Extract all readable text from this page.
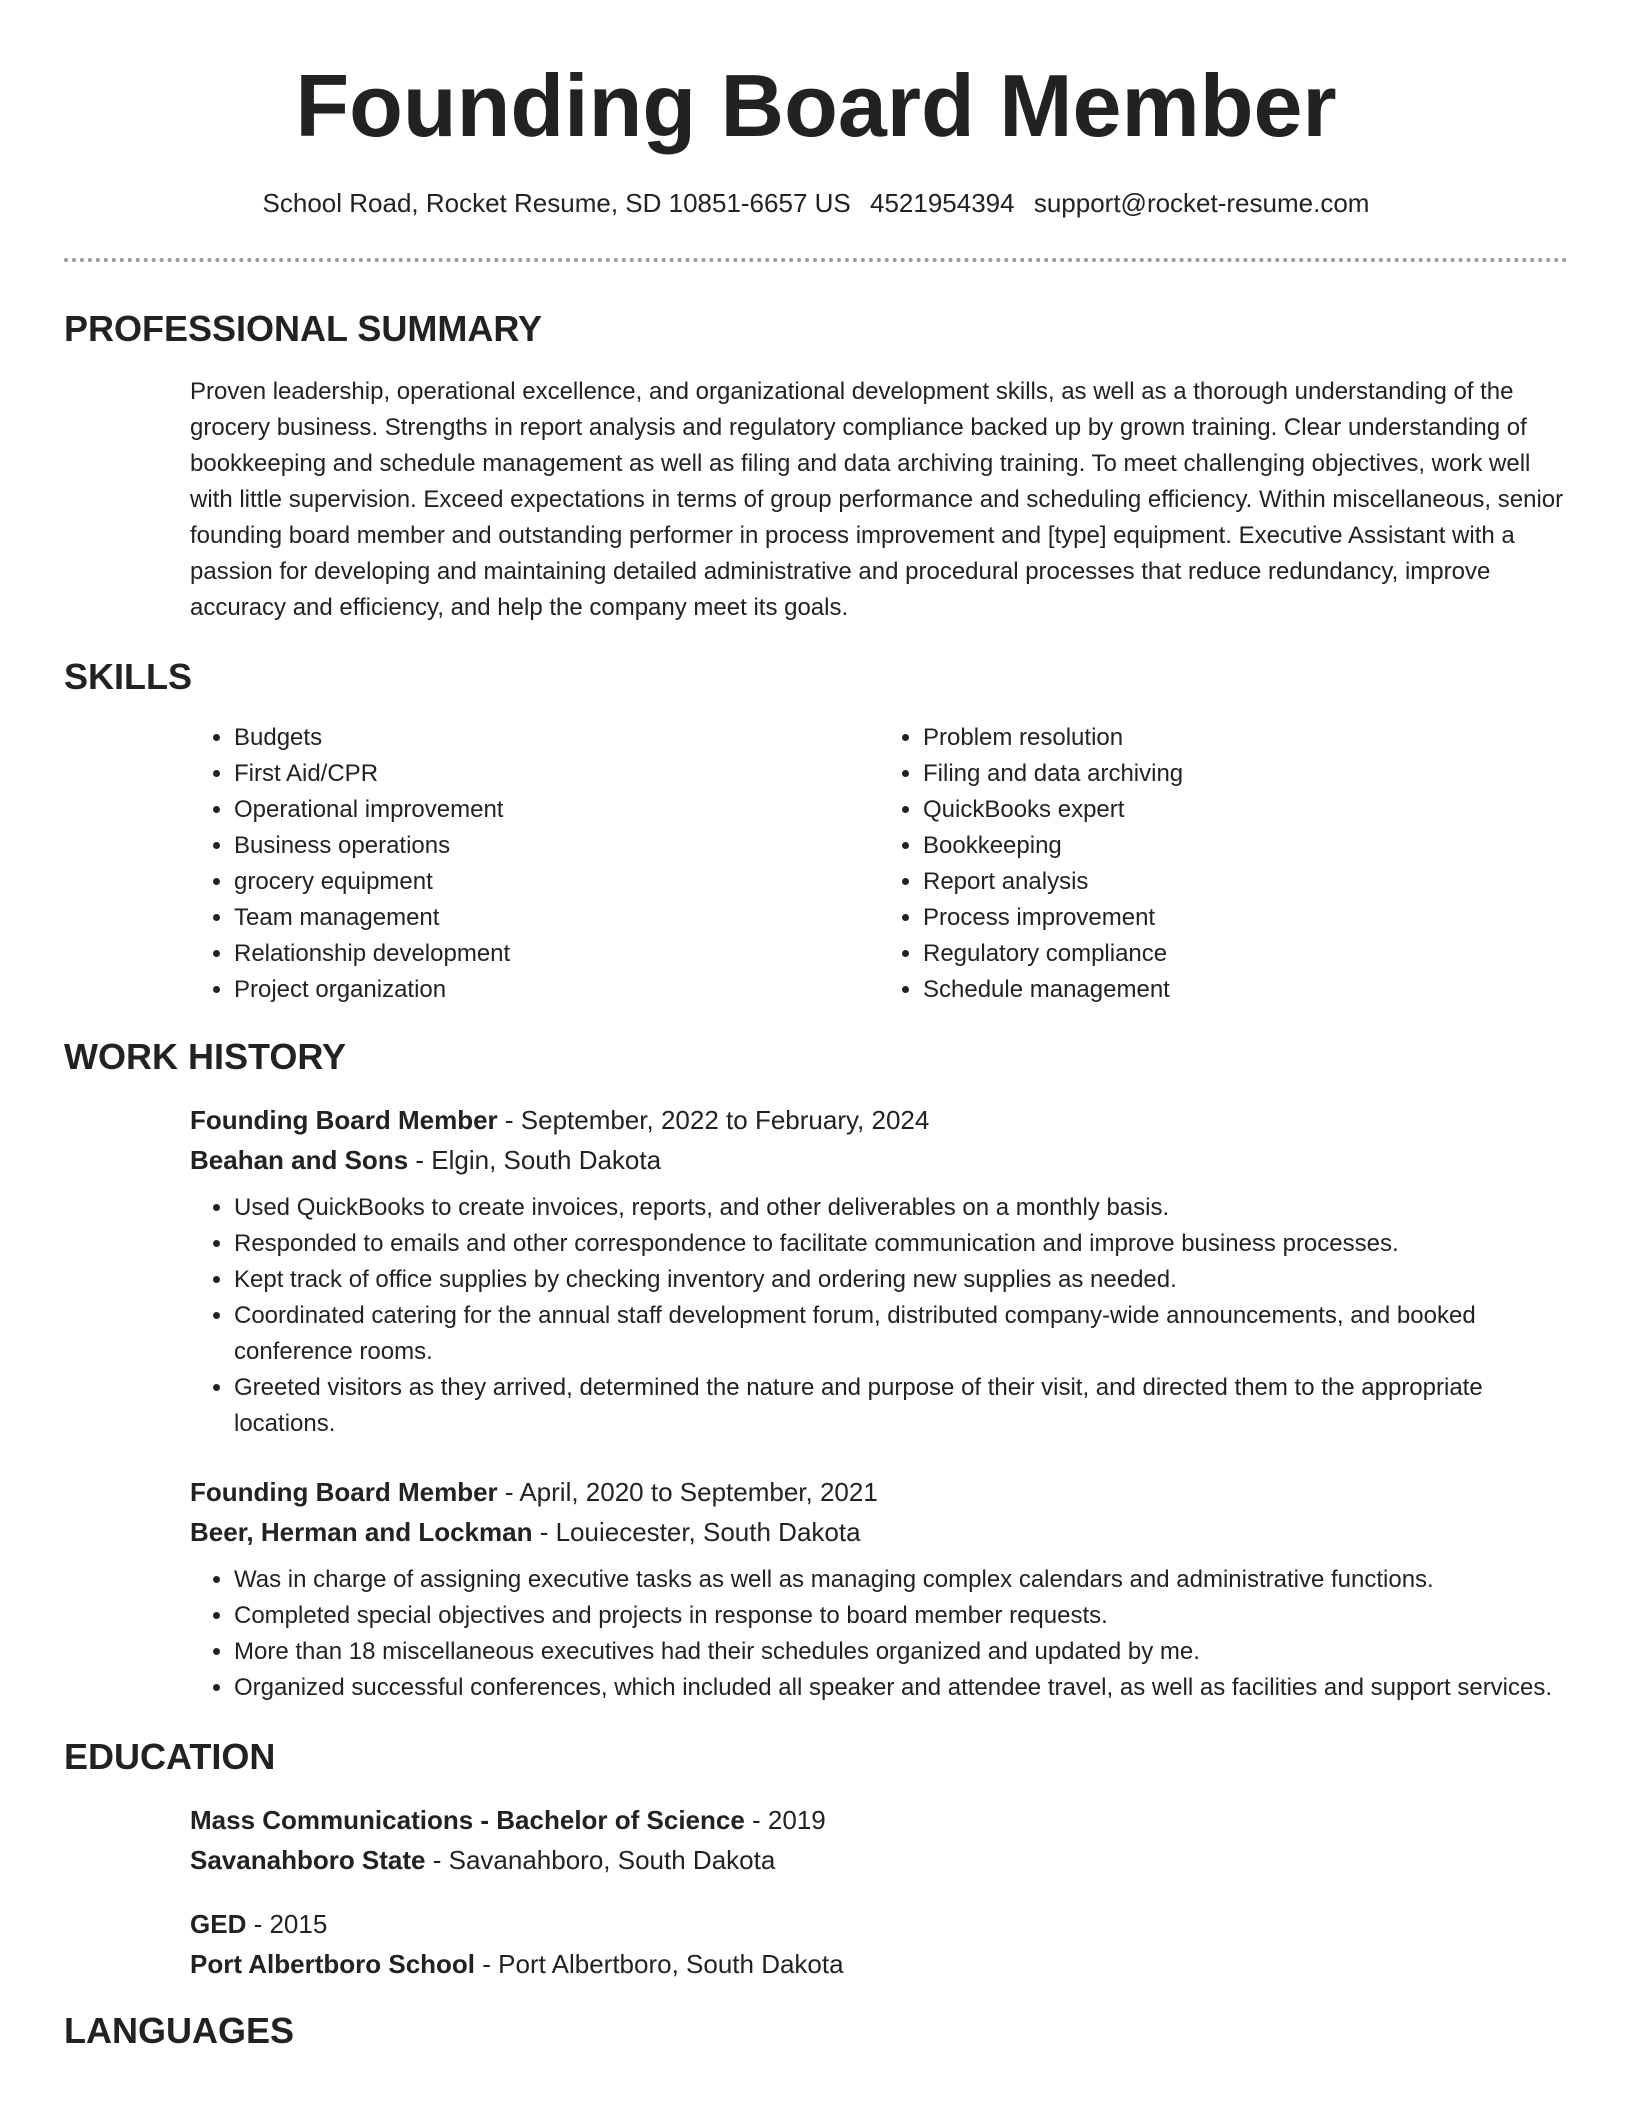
Founding Board Member
School Road, Rocket Resume, SD 10851-6657 US 4521954394 support@rocket-resume.com
PROFESSIONAL SUMMARY
Proven leadership, operational excellence, and organizational development skills, as well as a thorough understanding of the grocery business. Strengths in report analysis and regulatory compliance backed up by grown training. Clear understanding of bookkeeping and schedule management as well as filing and data archiving training. To meet challenging objectives, work well with little supervision. Exceed expectations in terms of group performance and scheduling efficiency. Within miscellaneous, senior founding board member and outstanding performer in process improvement and [type] equipment. Executive Assistant with a passion for developing and maintaining detailed administrative and procedural processes that reduce redundancy, improve accuracy and efficiency, and help the company meet its goals.
SKILLS
• Budgets
• First Aid/CPR
• Operational improvement
• Business operations
• grocery equipment
• Team management
• Relationship development
• Project organization
• Problem resolution
• Filing and data archiving
• QuickBooks expert
• Bookkeeping
• Report analysis
• Process improvement
• Regulatory compliance
• Schedule management
WORK HISTORY
Founding Board Member - September, 2022 to February, 2024
Beahan and Sons - Elgin, South Dakota
• Used QuickBooks to create invoices, reports, and other deliverables on a monthly basis.
• Responded to emails and other correspondence to facilitate communication and improve business processes.
• Kept track of office supplies by checking inventory and ordering new supplies as needed.
• Coordinated catering for the annual staff development forum, distributed company-wide announcements, and booked conference rooms.
• Greeted visitors as they arrived, determined the nature and purpose of their visit, and directed them to the appropriate locations.
Founding Board Member - April, 2020 to September, 2021
Beer, Herman and Lockman - Louiecester, South Dakota
• Was in charge of assigning executive tasks as well as managing complex calendars and administrative functions.
• Completed special objectives and projects in response to board member requests.
• More than 18 miscellaneous executives had their schedules organized and updated by me.
• Organized successful conferences, which included all speaker and attendee travel, as well as facilities and support services.
EDUCATION
Mass Communications - Bachelor of Science - 2019
Savanahboro State - Savanahboro, South Dakota
GED - 2015
Port Albertboro School - Port Albertboro, South Dakota
LANGUAGES
